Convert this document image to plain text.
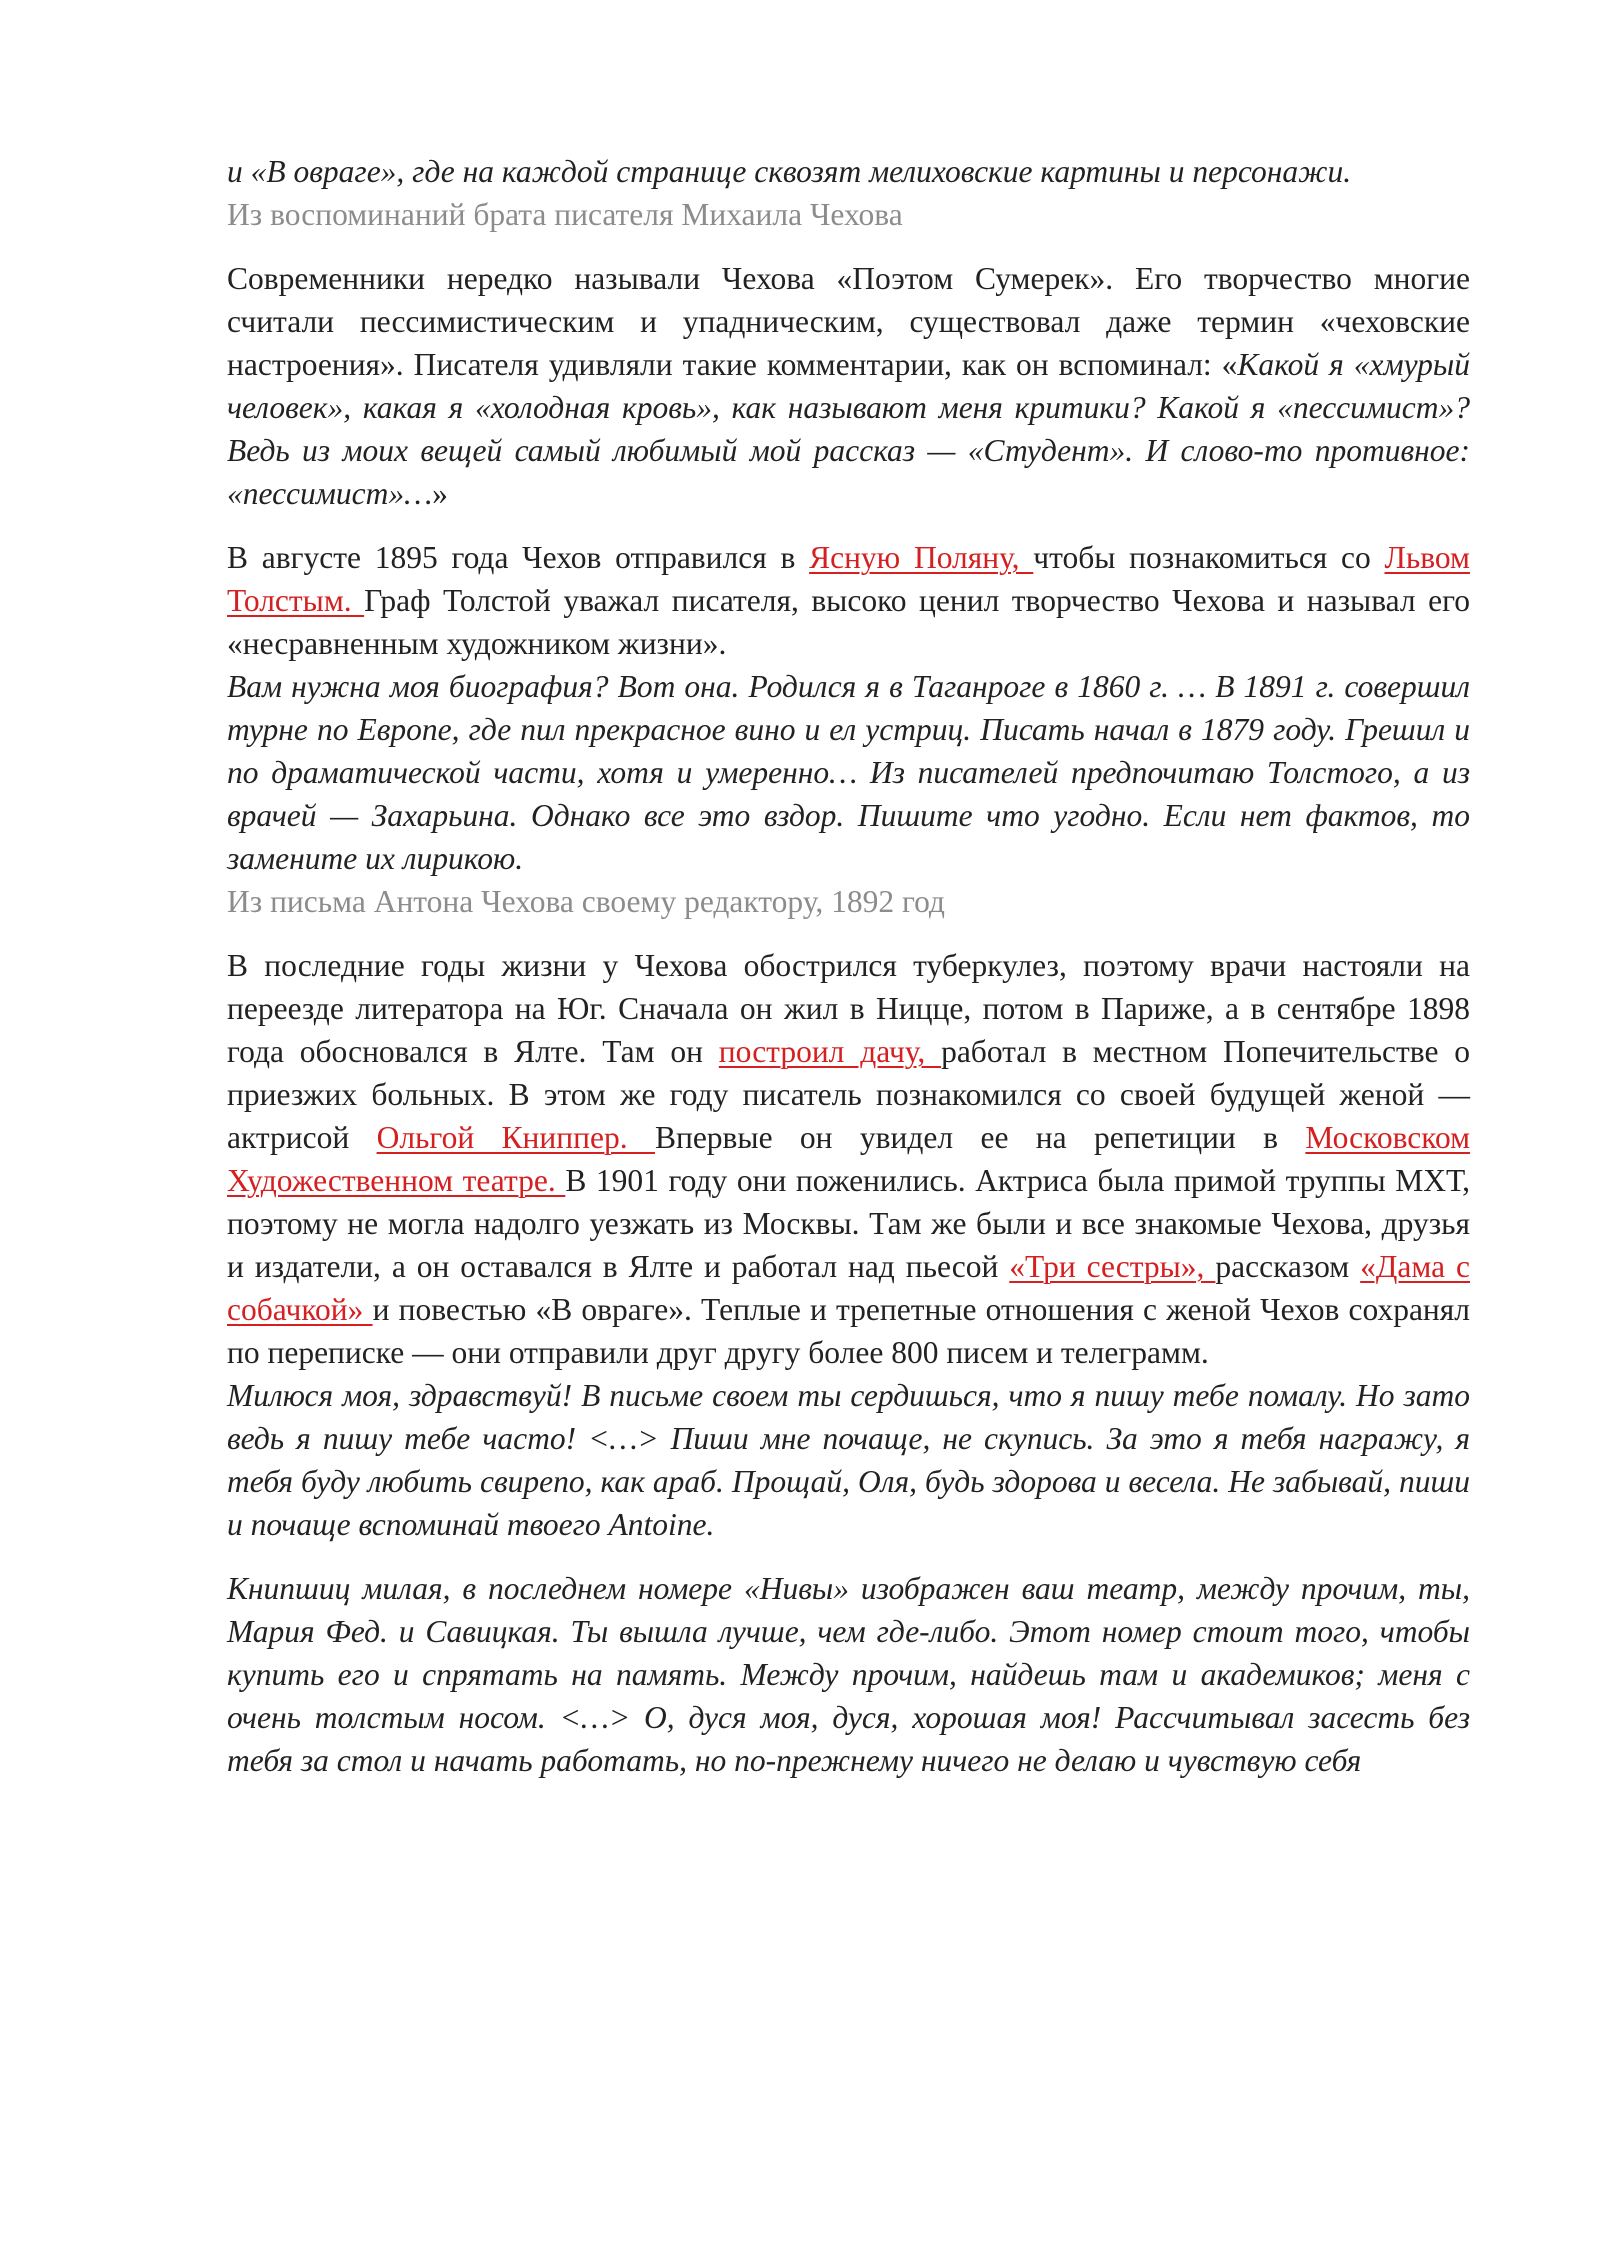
и «В овраге», где на каждой странице сквозят мелиховские картины и персонажи.

Из воспоминаний брата писателя Михаила Чехова

Современники нередко называли Чехова «Поэтом Сумерек». Его творчество многие считали пессимистическим и упадническим, существовал даже термин «чеховские настроения». Писателя удивляли такие комментарии, как он вспоминал: «Какой я «хмурый человек», какая я «холодная кровь», как называют меня критики? Какой я «пессимист»? Ведь из моих вещей самый любимый мой рассказ — «Студент». И слово-то противное: «пессимист»…»

В августе 1895 года Чехов отправился в Ясную Поляну, чтобы познакомиться со Львом Толстым. Граф Толстой уважал писателя, высоко ценил творчество Чехова и называл его «несравненным художником жизни».

Вам нужна моя биография? Вот она. Родился я в Таганроге в 1860 г. … В 1891 г. совершил турне по Европе, где пил прекрасное вино и ел устриц. Писать начал в 1879 году. Грешил и по драматической части, хотя и умеренно… Из писателей предпочитаю Толстого, а из врачей — Захарьина. Однако все это вздор. Пишите что угодно. Если нет фактов, то замените их лирикою.

Из письма Антона Чехова своему редактору, 1892 год

В последние годы жизни у Чехова обострился туберкулез, поэтому врачи настояли на переезде литератора на Юг. Сначала он жил в Ницце, потом в Париже, а в сентябре 1898 года обосновался в Ялте. Там он построил дачу, работал в местном Попечительстве о приезжих больных. В этом же году писатель познакомился со своей будущей женой — актрисой Ольгой Книппер. Впервые он увидел ее на репетиции в Московском Художественном театре. В 1901 году они поженились. Актриса была примой труппы МХТ, поэтому не могла надолго уезжать из Москвы. Там же были и все знакомые Чехова, друзья и издатели, а он оставался в Ялте и работал над пьесой «Три сестры», рассказом «Дама с собачкой» и повестью «В овраге». Теплые и трепетные отношения с женой Чехов сохранял по переписке — они отправили друг другу более 800 писем и телеграмм.

Милюся моя, здравствуй! В письме своем ты сердишься, что я пишу тебе помалу. Но зато ведь я пишу тебе часто! <…> Пиши мне почаще, не скупись. За это я тебя награжу, я тебя буду любить свирепо, как араб. Прощай, Оля, будь здорова и весела. Не забывай, пиши и почаще вспоминай твоего Antoine.

Книпшиц милая, в последнем номере «Нивы» изображен ваш театр, между прочим, ты, Мария Фед. и Савицкая. Ты вышла лучше, чем где-либо. Этот номер стоит того, чтобы купить его и спрятать на память. Между прочим, найдешь там и академиков; меня с очень толстым носом. <…> О, дуся моя, дуся, хорошая моя! Рассчитывал засесть без тебя за стол и начать работать, но по-прежнему ничего не делаю и чувствую себя
